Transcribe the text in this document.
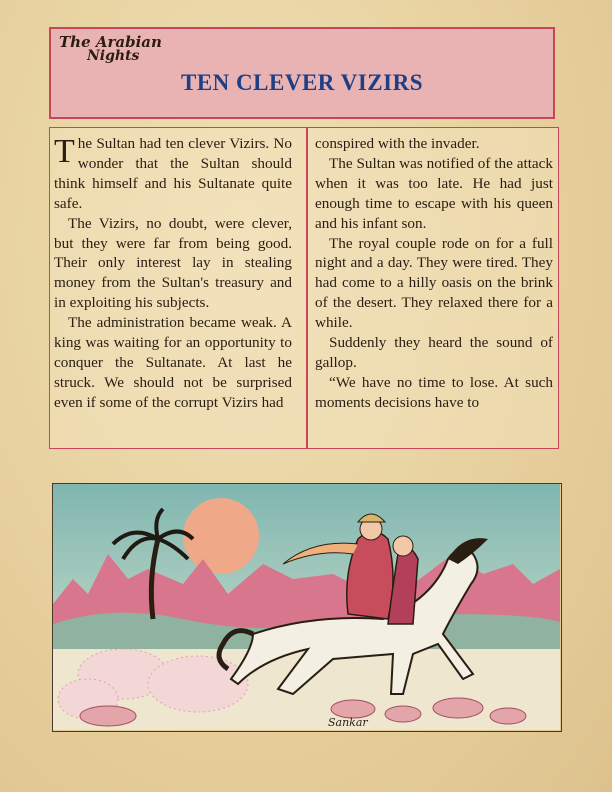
The Arabian
Nights
TEN CLEVER VIZIRS

The Sultan had ten clever Vizirs. No wonder that the Sultan should think himself and his Sultanate quite safe.

The Vizirs, no doubt, were clever, but they were far from being good. Their only interest lay in stealing money from the Sultan's treasury and in exploiting his subjects.

The administration became weak. A king was waiting for an opportunity to conquer the Sultanate. At last he struck. We should not be surprised even if some of the corrupt Vizirs had

conspired with the invader.

The Sultan was notified of the attack when it was too late. He had just enough time to escape with his queen and his infant son.

The royal couple rode on for a full night and a day. They were tired. They had come to a hilly oasis on the brink of the desert. They relaxed there for a while.

Suddenly they heard the sound of gallop.

“We have no time to lose. At such moments decisions have to

Sankar
